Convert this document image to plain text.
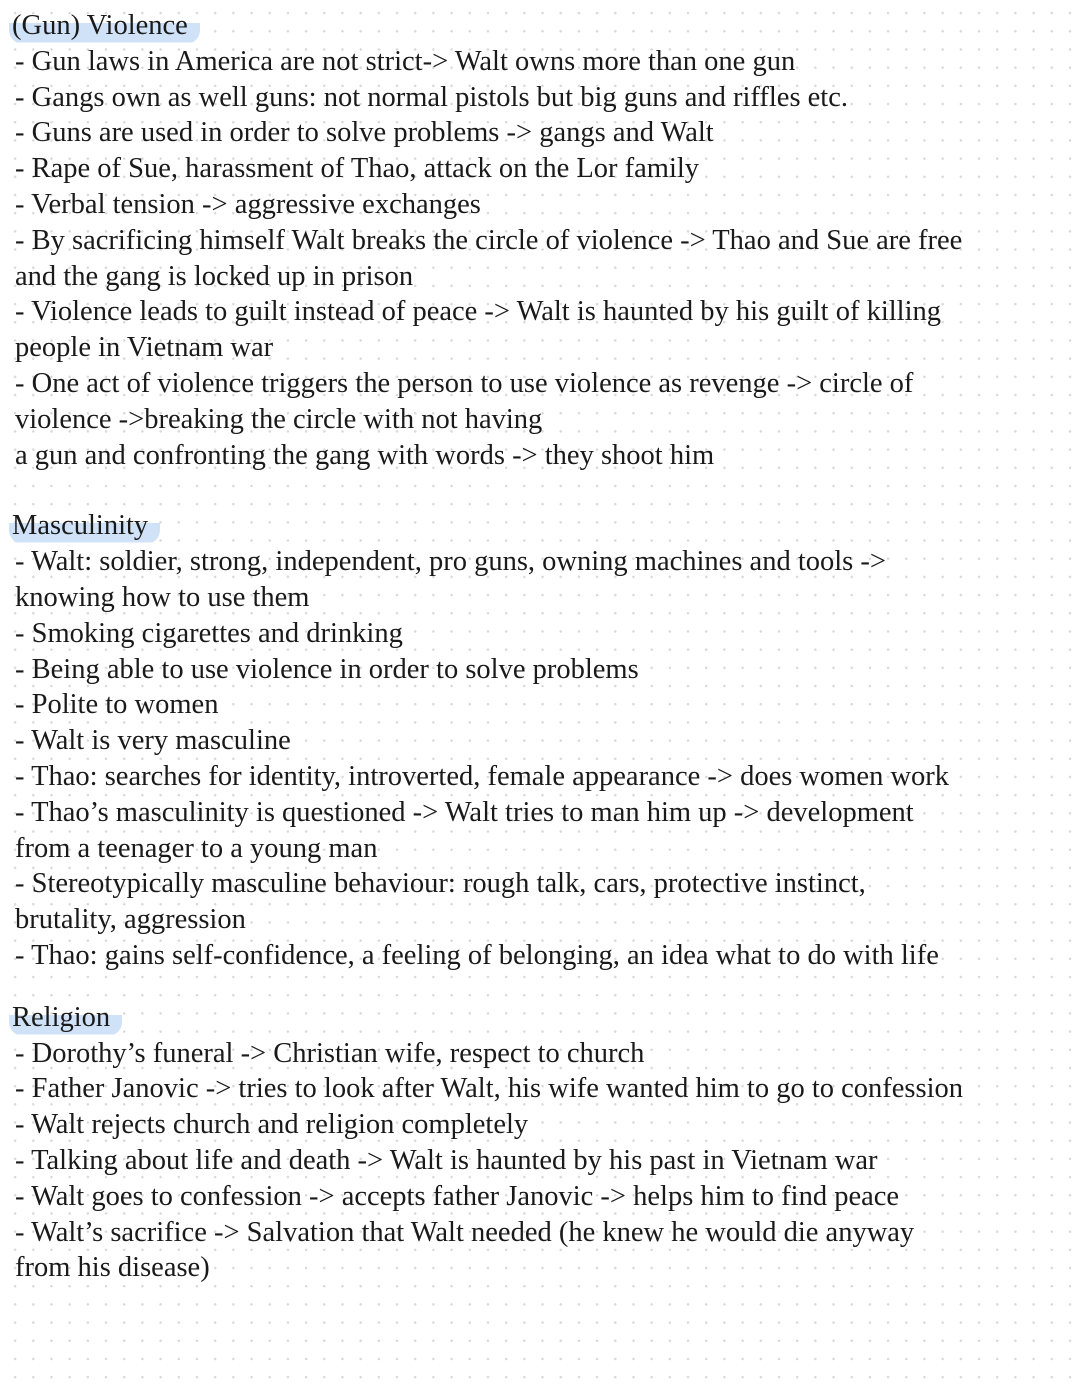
(Gun) Violence
- Gun laws in America are not strict-> Walt owns more than one gun
- Gangs own as well guns: not normal pistols but big guns and riffles etc.
- Guns are used in order to solve problems -> gangs and Walt
- Rape of Sue, harassment of Thao, attack on the Lor family
- Verbal tension -> aggressive exchanges
- By sacrificing himself Walt breaks the circle of violence -> Thao and Sue are free
and the gang is locked up in prison
- Violence leads to guilt instead of peace -> Walt is haunted by his guilt of killing
people in Vietnam war
- One act of violence triggers the person to use violence as revenge -> circle of
violence ->breaking the circle with not having
a gun and confronting the gang with words -> they shoot him
Masculinity
- Walt: soldier, strong, independent, pro guns, owning machines and tools ->
knowing how to use them
- Smoking cigarettes and drinking
- Being able to use violence in order to solve problems
- Polite to women
- Walt is very masculine
- Thao: searches for identity, introverted, female appearance -> does women work
- Thao’s masculinity is questioned -> Walt tries to man him up -> development
from a teenager to a young man
- Stereotypically masculine behaviour: rough talk, cars, protective instinct,
brutality, aggression
- Thao: gains self-confidence, a feeling of belonging, an idea what to do with life
Religion
- Dorothy’s funeral -> Christian wife, respect to church
- Father Janovic -> tries to look after Walt, his wife wanted him to go to confession
- Walt rejects church and religion completely
- Talking about life and death -> Walt is haunted by his past in Vietnam war
- Walt goes to confession -> accepts father Janovic -> helps him to find peace
- Walt’s sacrifice -> Salvation that Walt needed (he knew he would die anyway
from his disease)
